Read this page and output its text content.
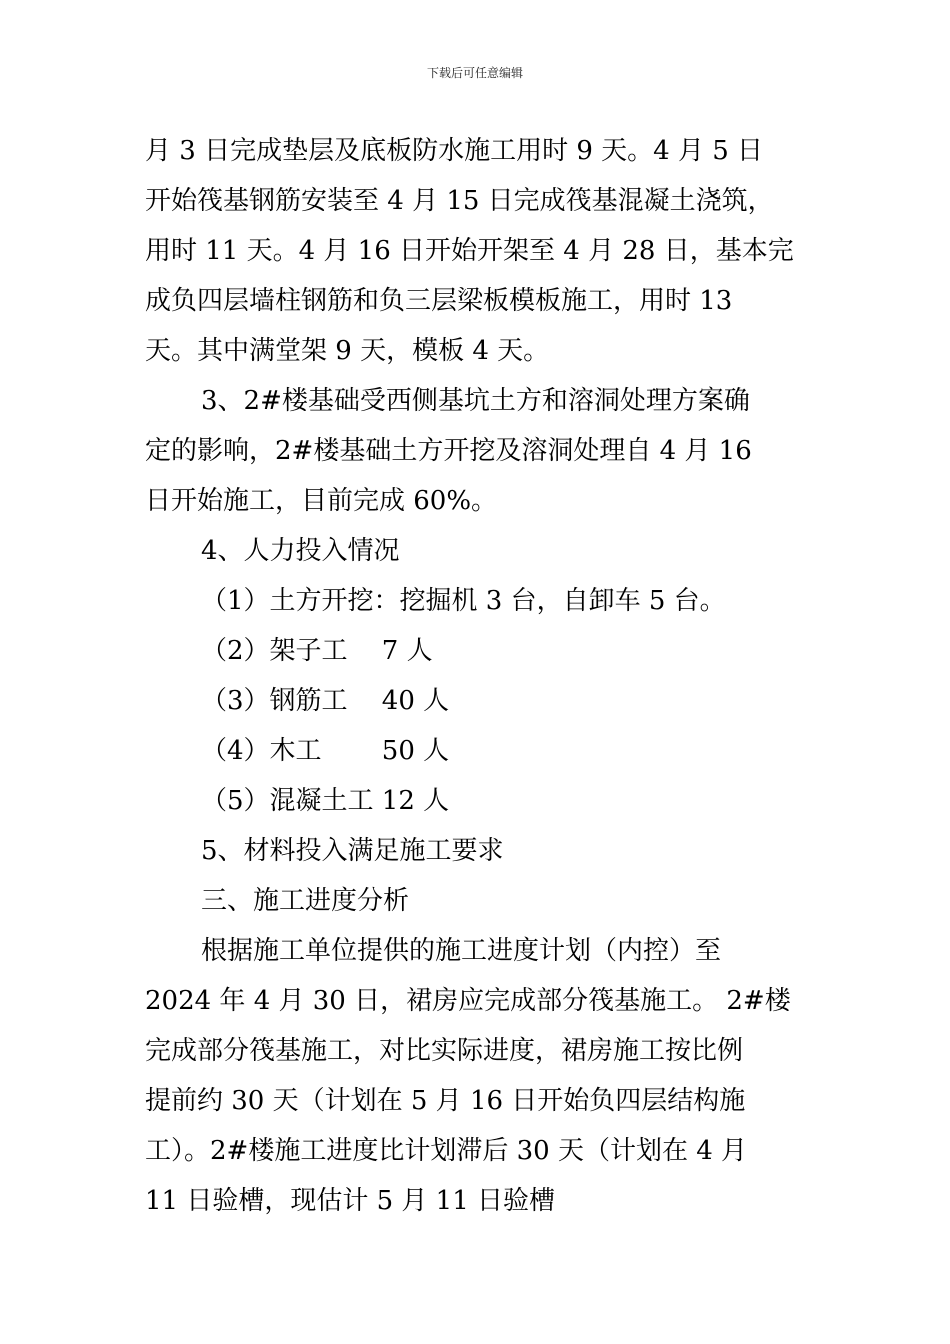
下载后可任意编辑
月 3 日完成垫层及底板防水施工用时 9 天。4 月 5 日
开始筏基钢筋安装至 4 月 15 日完成筏基混凝土浇筑，
用时 11 天。4 月 16 日开始开架至 4 月 28 日，基本完
成负四层墙柱钢筋和负三层梁板模板施工，用时 13
天。其中满堂架 9 天，模板 4 天。
3、2#楼基础受西侧基坑土方和溶洞处理方案确
定的影响，2#楼基础土方开挖及溶洞处理自 4 月 16
日开始施工，目前完成 60%。
4、人力投入情况
（1）土方开挖：挖掘机 3 台，自卸车 5 台。
（2）架子工　 7 人
（3）钢筋工　 40 人
（4）木工　　 50 人
（5）混凝土工 12 人
5、材料投入满足施工要求
三、施工进度分析
根据施工单位提供的施工进度计划（内控）至
2024 年 4 月 30 日，裙房应完成部分筏基施工。 2#楼
完成部分筏基施工，对比实际进度，裙房施工按比例
提前约 30 天（计划在 5 月 16 日开始负四层结构施
工）。2#楼施工进度比计划滞后 30 天（计划在 4 月
11 日验槽，现估计 5 月 11 日验槽
